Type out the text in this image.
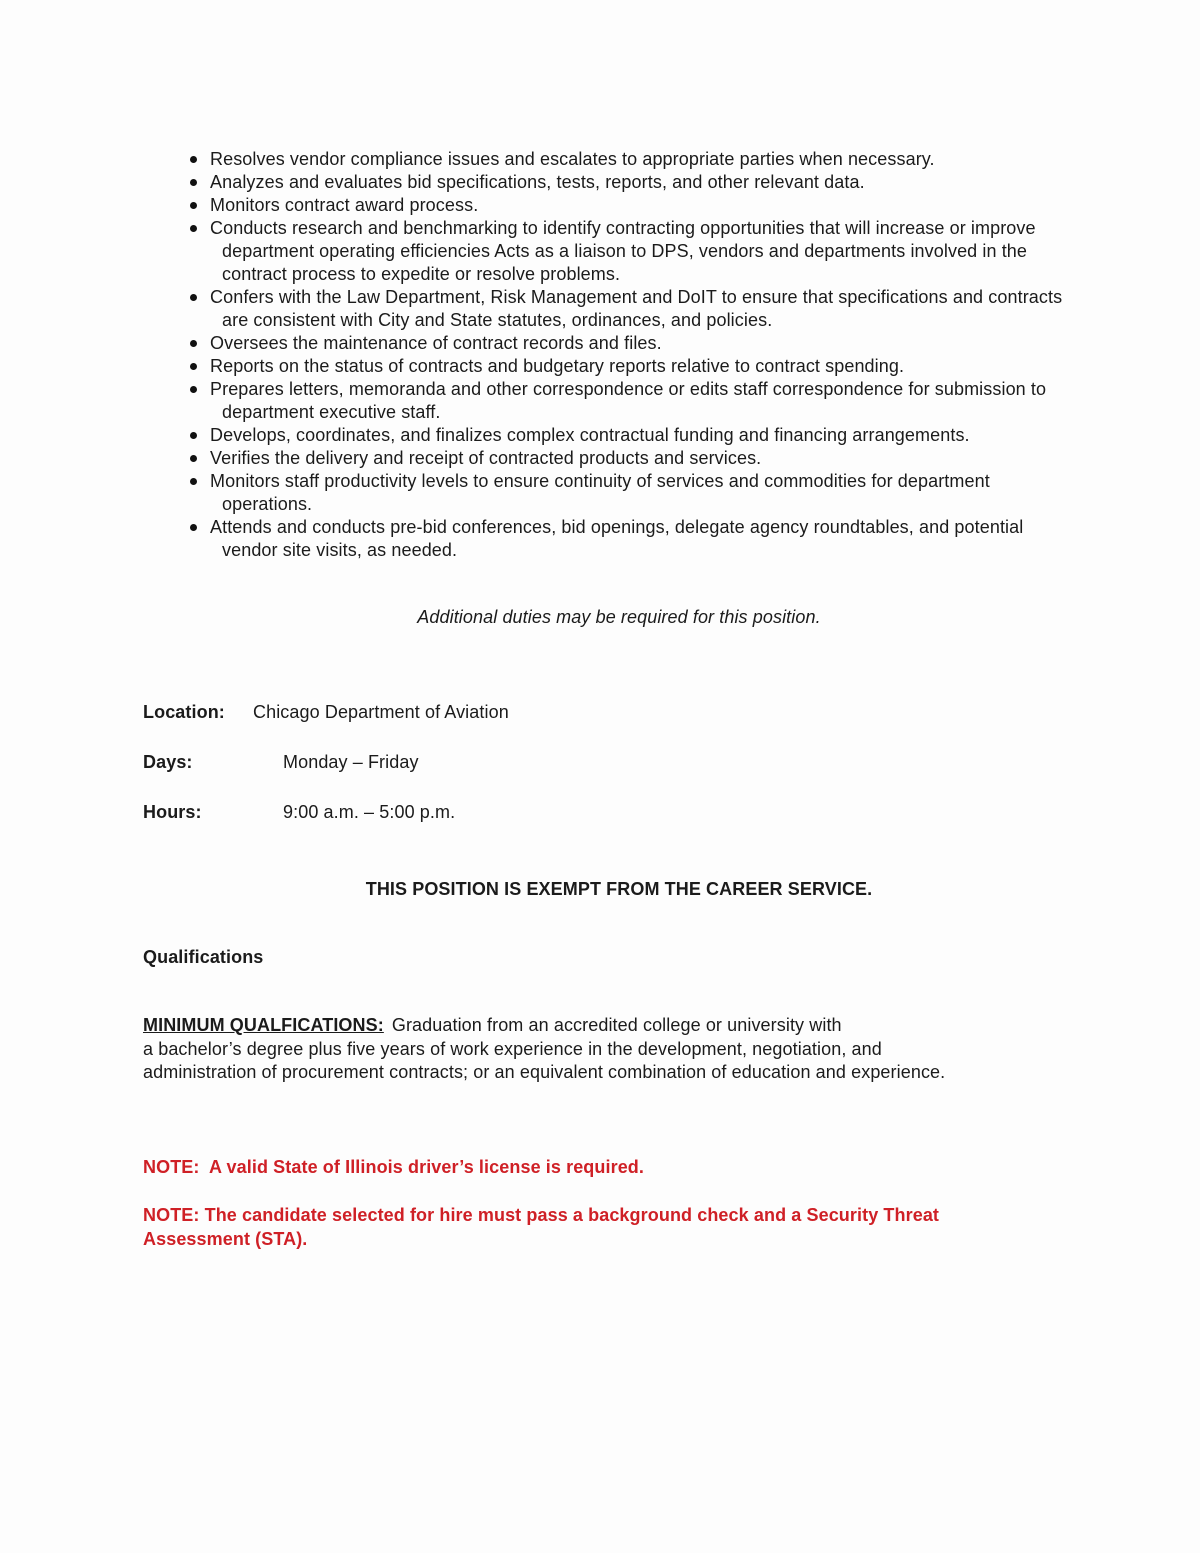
Resolves vendor compliance issues and escalates to appropriate parties when necessary.
Analyzes and evaluates bid specifications, tests, reports, and other relevant data.
Monitors contract award process.
Conducts research and benchmarking to identify contracting opportunities that will increase or improve department operating efficiencies Acts as a liaison to DPS, vendors and departments involved in the contract process to expedite or resolve problems.
Confers with the Law Department, Risk Management and DoIT to ensure that specifications and contracts are consistent with City and State statutes, ordinances, and policies.
Oversees the maintenance of contract records and files.
Reports on the status of contracts and budgetary reports relative to contract spending.
Prepares letters, memoranda and other correspondence or edits staff correspondence for submission to department executive staff.
Develops, coordinates, and finalizes complex contractual funding and financing arrangements.
Verifies the delivery and receipt of contracted products and services.
Monitors staff productivity levels to ensure continuity of services and commodities for department operations.
Attends and conducts pre-bid conferences, bid openings, delegate agency roundtables, and potential vendor site visits, as needed.
Additional duties may be required for this position.
Location: Chicago Department of Aviation
Days:	Monday – Friday
Hours:	9:00 a.m. – 5:00 p.m.
THIS POSITION IS EXEMPT FROM THE CAREER SERVICE.
Qualifications
MINIMUM QUALFICATIONS: Graduation from an accredited college or university with
a bachelor’s degree plus five years of work experience in the development, negotiation, and
administration of procurement contracts; or an equivalent combination of education and experience.

NOTE:  A valid State of Illinois driver’s license is required.

NOTE: The candidate selected for hire must pass a background check and a Security Threat Assessment (STA).
